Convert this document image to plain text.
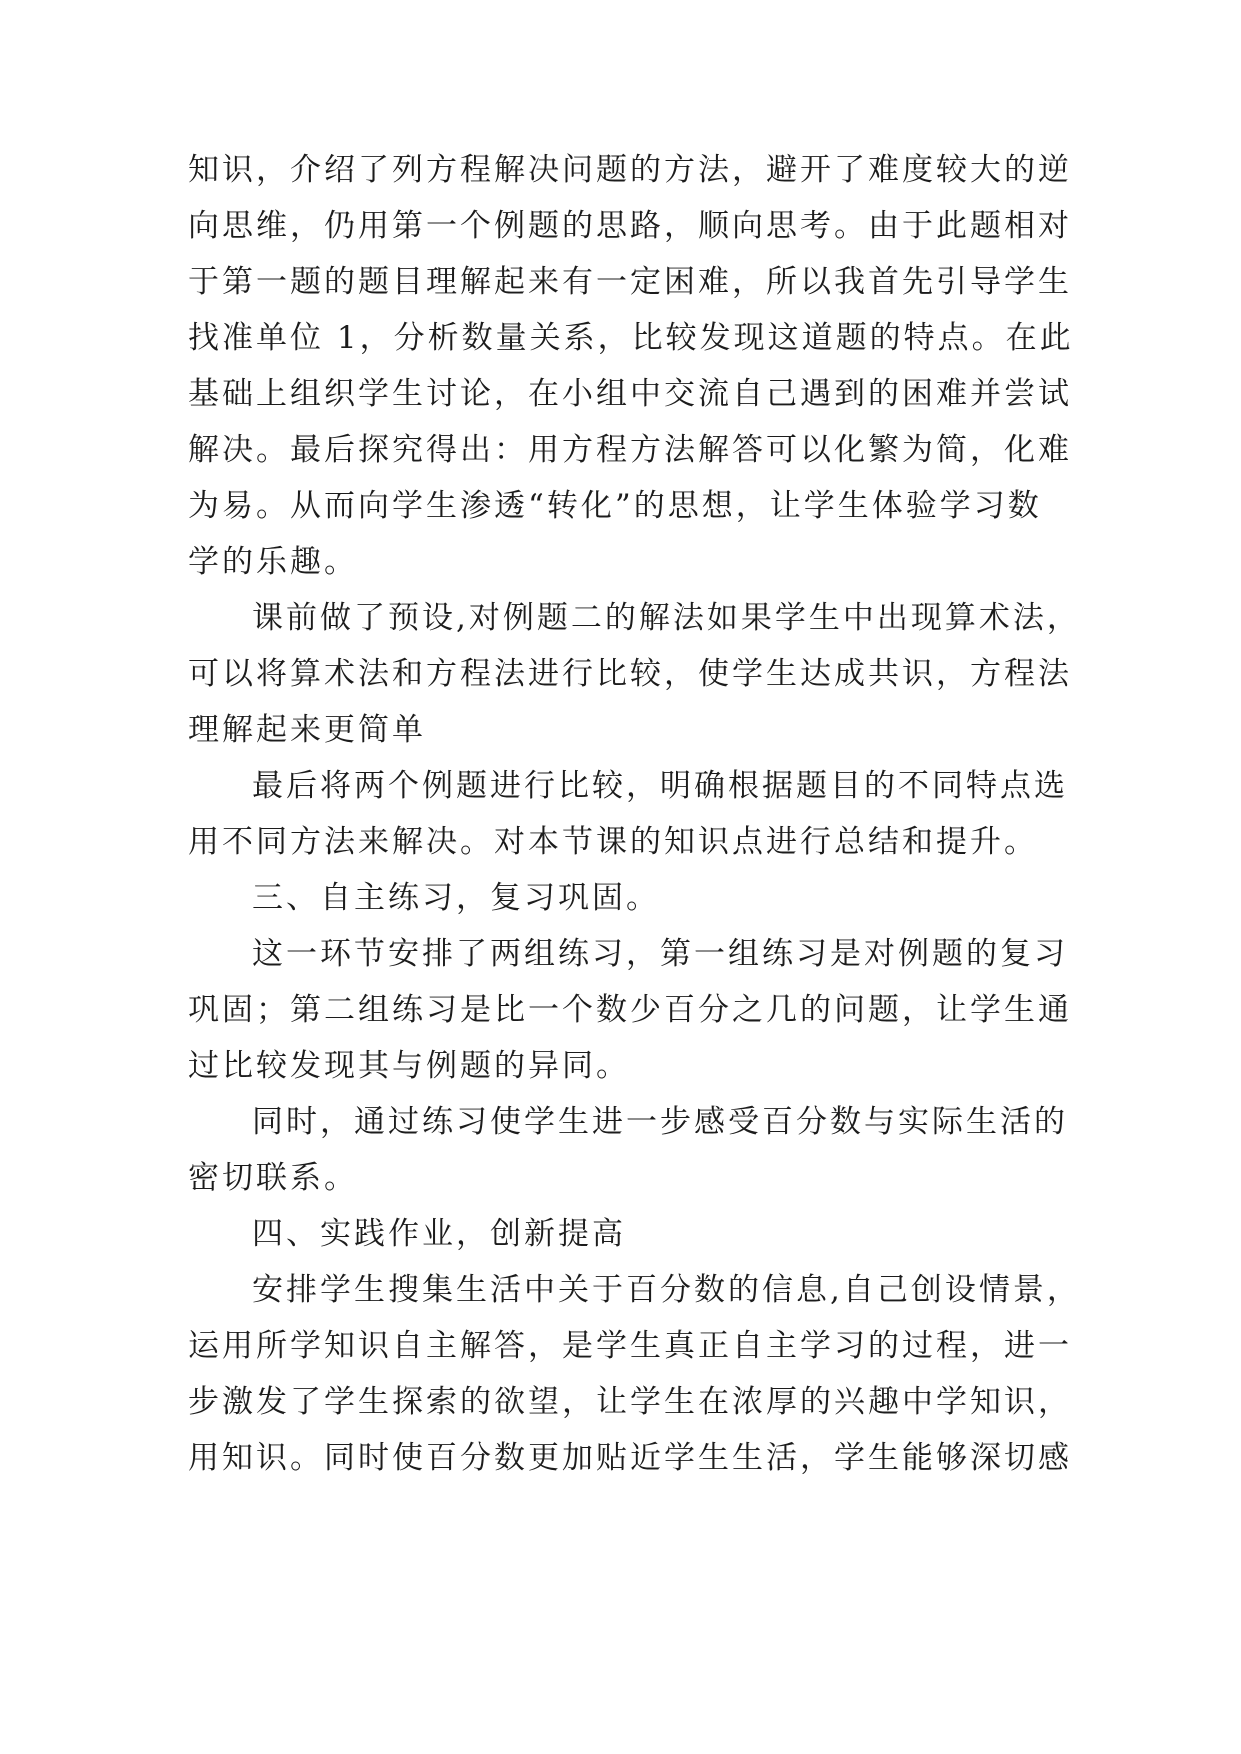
知识，介绍了列方程解决问题的方法，避开了难度较大的逆
向思维，仍用第一个例题的思路，顺向思考。由于此题相对
于第一题的题目理解起来有一定困难，所以我首先引导学生
找准单位 1，分析数量关系，比较发现这道题的特点。在此
基础上组织学生讨论，在小组中交流自己遇到的困难并尝试
解决。最后探究得出：用方程方法解答可以化繁为简，化难
为易。从而向学生渗透“转化”的思想，让学生体验学习数
学的乐趣。
课前做了预设,对例题二的解法如果学生中出现算术法，
可以将算术法和方程法进行比较，使学生达成共识，方程法
理解起来更简单
最后将两个例题进行比较，明确根据题目的不同特点选
用不同方法来解决。对本节课的知识点进行总结和提升。
三、自主练习，复习巩固。
这一环节安排了两组练习，第一组练习是对例题的复习
巩固；第二组练习是比一个数少百分之几的问题，让学生通
过比较发现其与例题的异同。
同时，通过练习使学生进一步感受百分数与实际生活的
密切联系。
四、实践作业，创新提高
安排学生搜集生活中关于百分数的信息,自己创设情景，
运用所学知识自主解答，是学生真正自主学习的过程，进一
步激发了学生探索的欲望，让学生在浓厚的兴趣中学知识，
用知识。同时使百分数更加贴近学生生活，学生能够深切感
